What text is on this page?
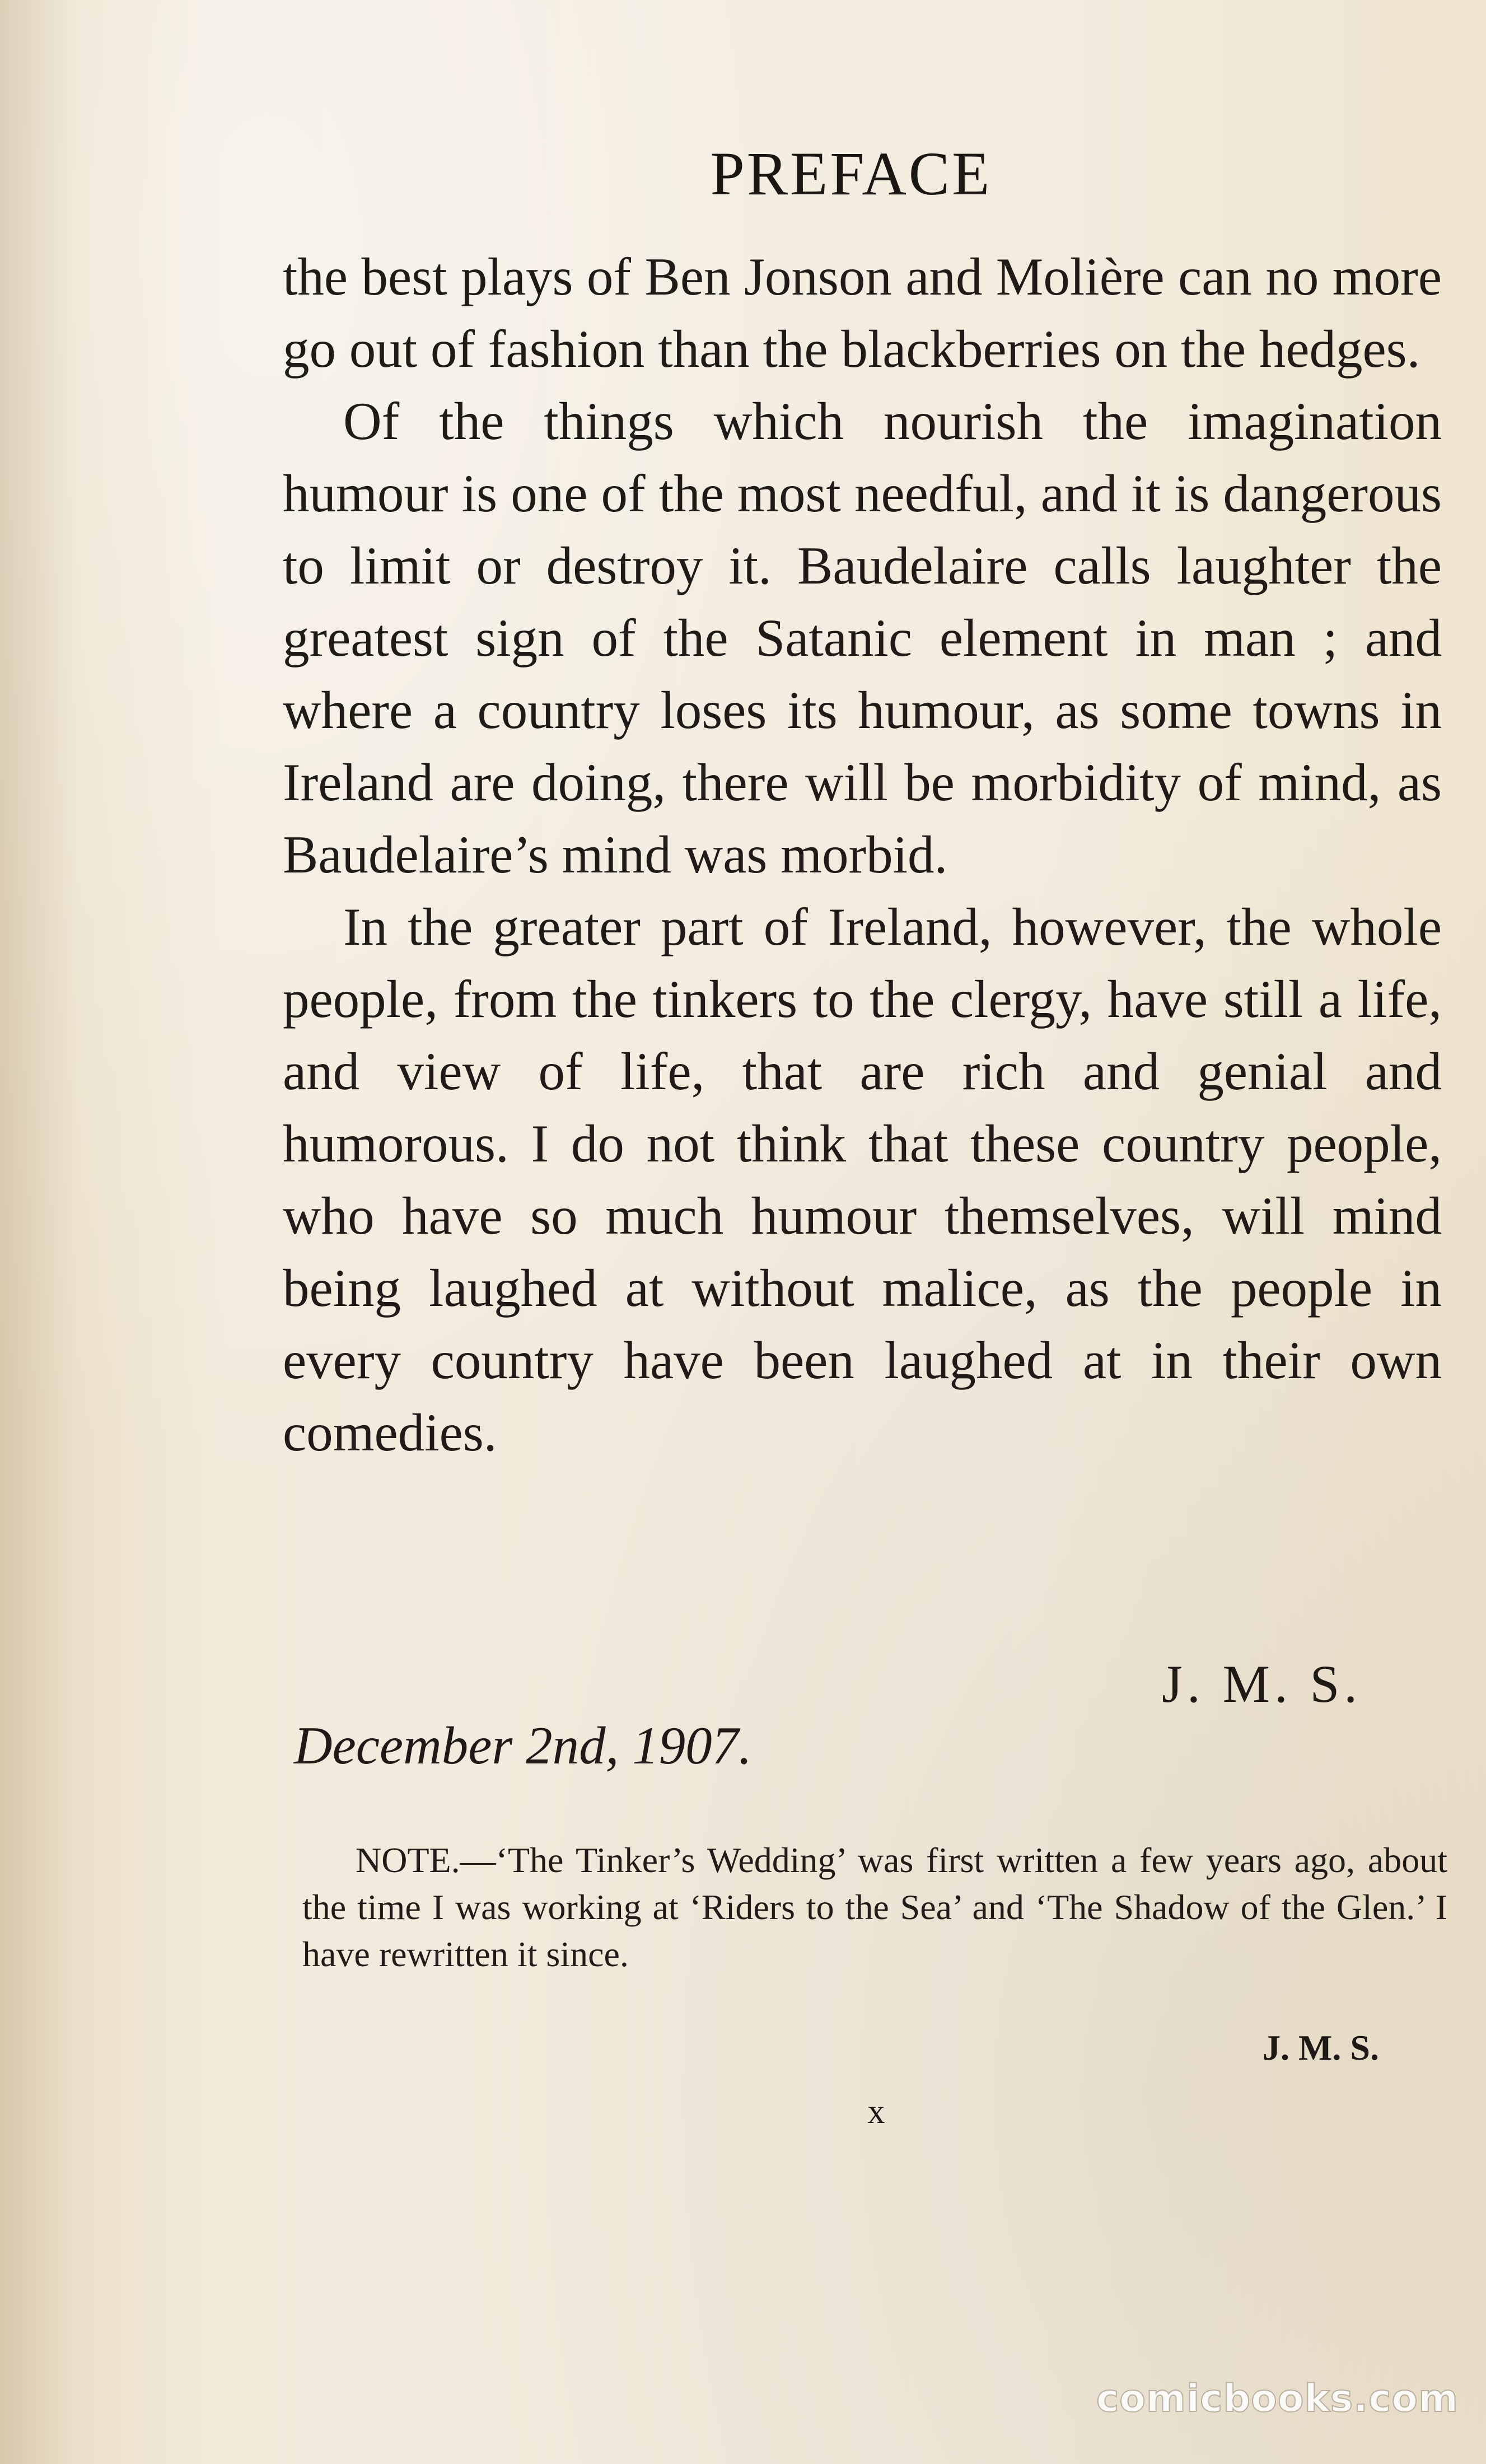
PREFACE

the best plays of Ben Jonson and Molière can no more go out of fashion than the blackberries on the hedges.

Of the things which nourish the imagination humour is one of the most needful, and it is dangerous to limit or destroy it. Baudelaire calls laughter the greatest sign of the Satanic element in man ; and where a country loses its humour, as some towns in Ireland are doing, there will be morbidity of mind, as Baudelaire’s mind was morbid.

In the greater part of Ireland, however, the whole people, from the tinkers to the clergy, have still a life, and view of life, that are rich and genial and humorous. I do not think that these country people, who have so much humour themselves, will mind being laughed at without malice, as the people in every country have been laughed at in their own comedies.

J. M. S.
December 2nd, 1907.
NOTE.—‘The Tinker’s Wedding’ was first written a few years ago, about the time I was working at ‘Riders to the Sea’ and ‘The Shadow of the Glen.’ I have rewritten it since.
J. M. S.
x
comicbooks.com
